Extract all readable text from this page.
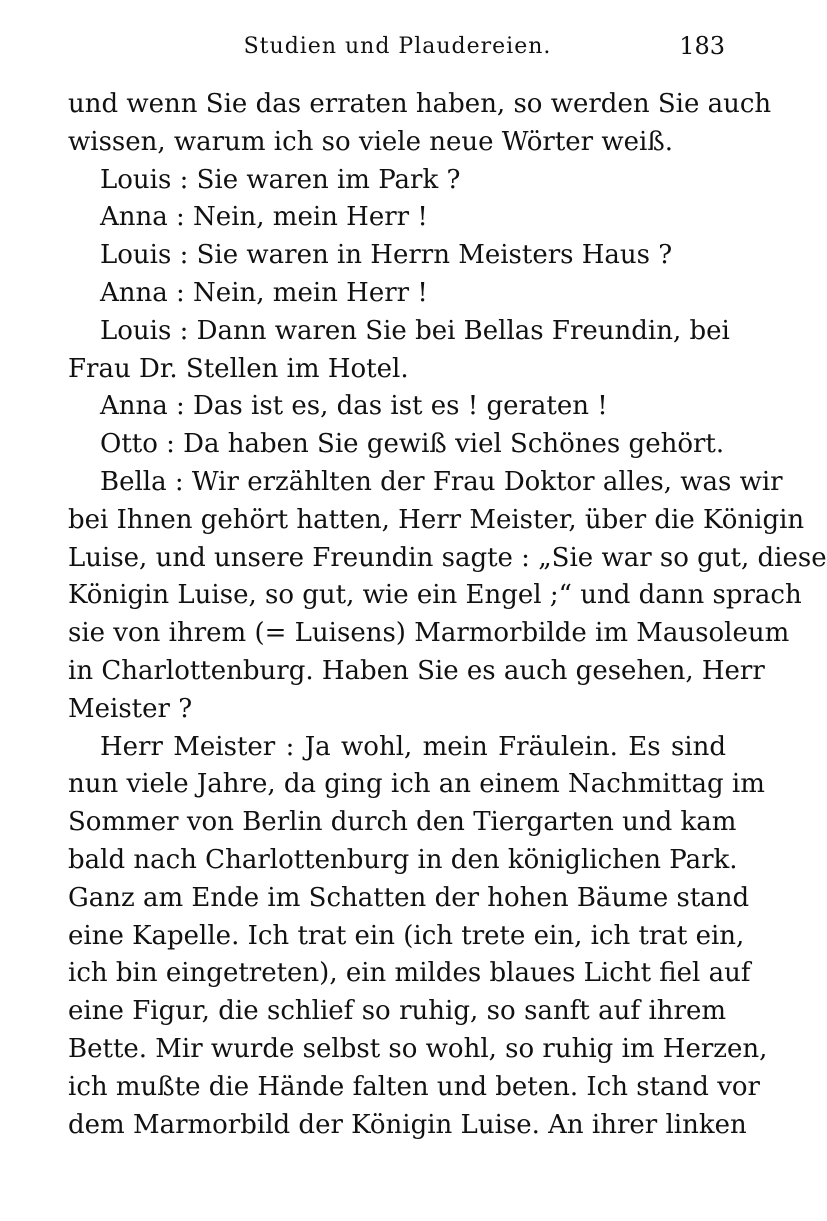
Studien und Plaudereien.	183
und wenn Sie das erraten haben, so werden Sie auch
wissen, warum ich so viele neue Wörter weiß.
Louis : Sie waren im Park ?
Anna : Nein, mein Herr !
Louis : Sie waren in Herrn Meisters Haus ?
Anna : Nein, mein Herr !
Louis : Dann waren Sie bei Bellas Freundin, bei
Frau Dr. Stellen im Hotel.
Anna : Das ist es, das ist es ! geraten !
Otto : Da haben Sie gewiß viel Schönes gehört.
Bella : Wir erzählten der Frau Doktor alles, was wir
bei Ihnen gehört hatten, Herr Meister, über die Königin
Luise, und unsere Freundin sagte : „Sie war so gut, diese
Königin Luise, so gut, wie ein Engel ;“ und dann sprach
sie von ihrem (= Luisens) Marmorbilde im Mausoleum
in Charlottenburg. Haben Sie es auch gesehen, Herr
Meister ?
Herr Meister : Ja wohl, mein Fräulein. Es sind
nun viele Jahre, da ging ich an einem Nachmittag im
Sommer von Berlin durch den Tiergarten und kam
bald nach Charlottenburg in den königlichen Park.
Ganz am Ende im Schatten der hohen Bäume stand
eine Kapelle. Ich trat ein (ich trete ein, ich trat ein,
ich bin eingetreten), ein mildes blaues Licht fiel auf
eine Figur, die schlief so ruhig, so sanft auf ihrem
Bette. Mir wurde selbst so wohl, so ruhig im Herzen,
ich mußte die Hände falten und beten. Ich stand vor
dem Marmorbild der Königin Luise. An ihrer linken
